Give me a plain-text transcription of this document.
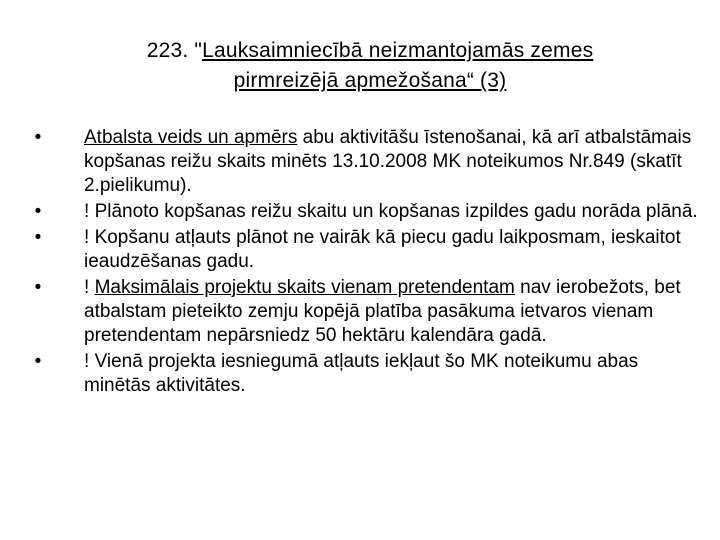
223. "Lauksaimniecībā neizmantojamās zemes
pirmreizējā apmežošana“ (3)
•	Atbalsta veids un apmērs abu aktivitāšu īstenošanai, kā arī atbalstāmais kopšanas reižu skaits minēts 13.10.2008 MK noteikumos Nr.849 (skatīt 2.pielikumu).
•	! Plānoto kopšanas reižu skaitu un kopšanas izpildes gadu norāda plānā.
•	! Kopšanu atļauts plānot ne vairāk kā piecu gadu laikposmam, ieskaitot ieaudzēšanas gadu.
•	! Maksimālais projektu skaits vienam pretendentam nav ierobežots, bet atbalstam pieteikto zemju kopējā platība pasākuma ietvaros vienam pretendentam nepārsniedz 50 hektāru kalendāra gadā.
•	! Vienā projekta iesniegumā atļauts iekļaut šo MK noteikumu abas minētās aktivitātes.
